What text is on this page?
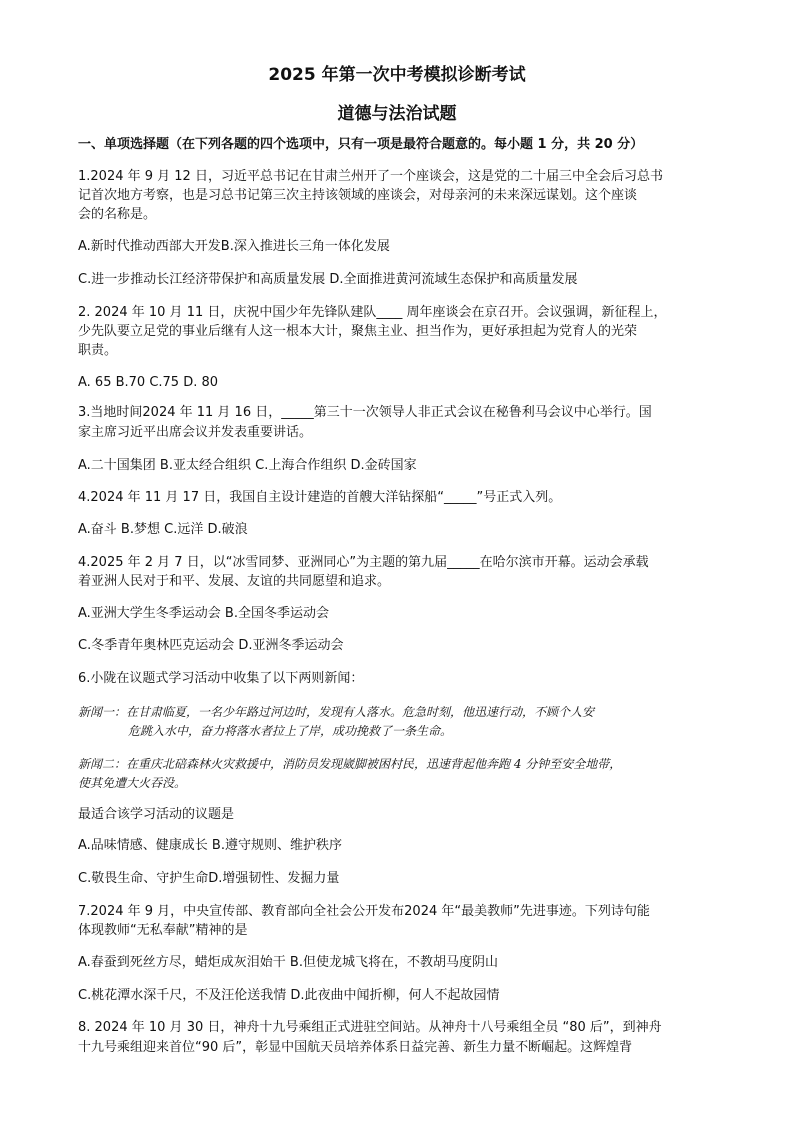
2025 年第一次中考模拟诊断考试
道德与法治试题
一、单项选择题（在下列各题的四个选项中，只有一项是最符合题意的。每小题 1 分，共 20 分）
1.2024 年 9 月 12 日，习近平总书记在甘肃兰州开了一个座谈会，这是党的二十届三中全会后习总书
记首次地方考察，也是习总书记第三次主持该领域的座谈会，对母亲河的未来深远谋划。这个座谈
会的名称是。
A.新时代推动西部大开发B.深入推进长三角一体化发展
C.进一步推动长江经济带保护和高质量发展 D.全面推进黄河流域生态保护和高质量发展
2. 2024 年 10 月 11 日，庆祝中国少年先锋队建队____ 周年座谈会在京召开。会议强调，新征程上，
少先队要立足党的事业后继有人这一根本大计，聚焦主业、担当作为，更好承担起为党育人的光荣
职责。
A. 65 B.70 C.75 D. 80
3.当地时间2024 年 11 月 16 日，_____第三十一次领导人非正式会议在秘鲁利马会议中心举行。国
家主席习近平出席会议并发表重要讲话。
A.二十国集团 B.亚太经合组织 C.上海合作组织 D.金砖国家
4.2024 年 11 月 17 日，我国自主设计建造的首艘大洋钻探船“_____”号正式入列。
A.奋斗 B.梦想 C.远洋 D.破浪
4.2025 年 2 月 7 日，以“冰雪同梦、亚洲同心”为主题的第九届_____在哈尔滨市开幕。运动会承载
着亚洲人民对于和平、发展、友谊的共同愿望和追求。
A.亚洲大学生冬季运动会 B.全国冬季运动会
C.冬季青年奥林匹克运动会 D.亚洲冬季运动会
6.小陇在议题式学习活动中收集了以下两则新闻：
新闻一：在甘肃临夏，一名少年路过河边时，发现有人落水。危急时刻，他迅速行动，不顾个人安
危跳入水中，奋力将落水者拉上了岸，成功挽救了一条生命。
新闻二：在重庆北碚森林火灾救援中，消防员发现崴脚被困村民，迅速背起他奔跑 4 分钟至安全地带，
使其免遭大火吞没。
最适合该学习活动的议题是
A.品味情感、健康成长 B.遵守规则、维护秩序
C.敬畏生命、守护生命D.增强韧性、发掘力量
7.2024 年 9 月，中央宣传部、教育部向全社会公开发布2024 年“最美教师”先进事迹。下列诗句能
体现教师“无私奉献”精神的是
A.春蚕到死丝方尽，蜡炬成灰泪始干 B.但使龙城飞将在，不教胡马度阴山
C.桃花潭水深千尺，不及汪伦送我情 D.此夜曲中闻折柳，何人不起故园情
8. 2024 年 10 月 30 日，神舟十九号乘组正式进驻空间站。从神舟十八号乘组全员 “80 后”，到神舟
十九号乘组迎来首位“90 后”，彰显中国航天员培养体系日益完善、新生力量不断崛起。这辉煌背
